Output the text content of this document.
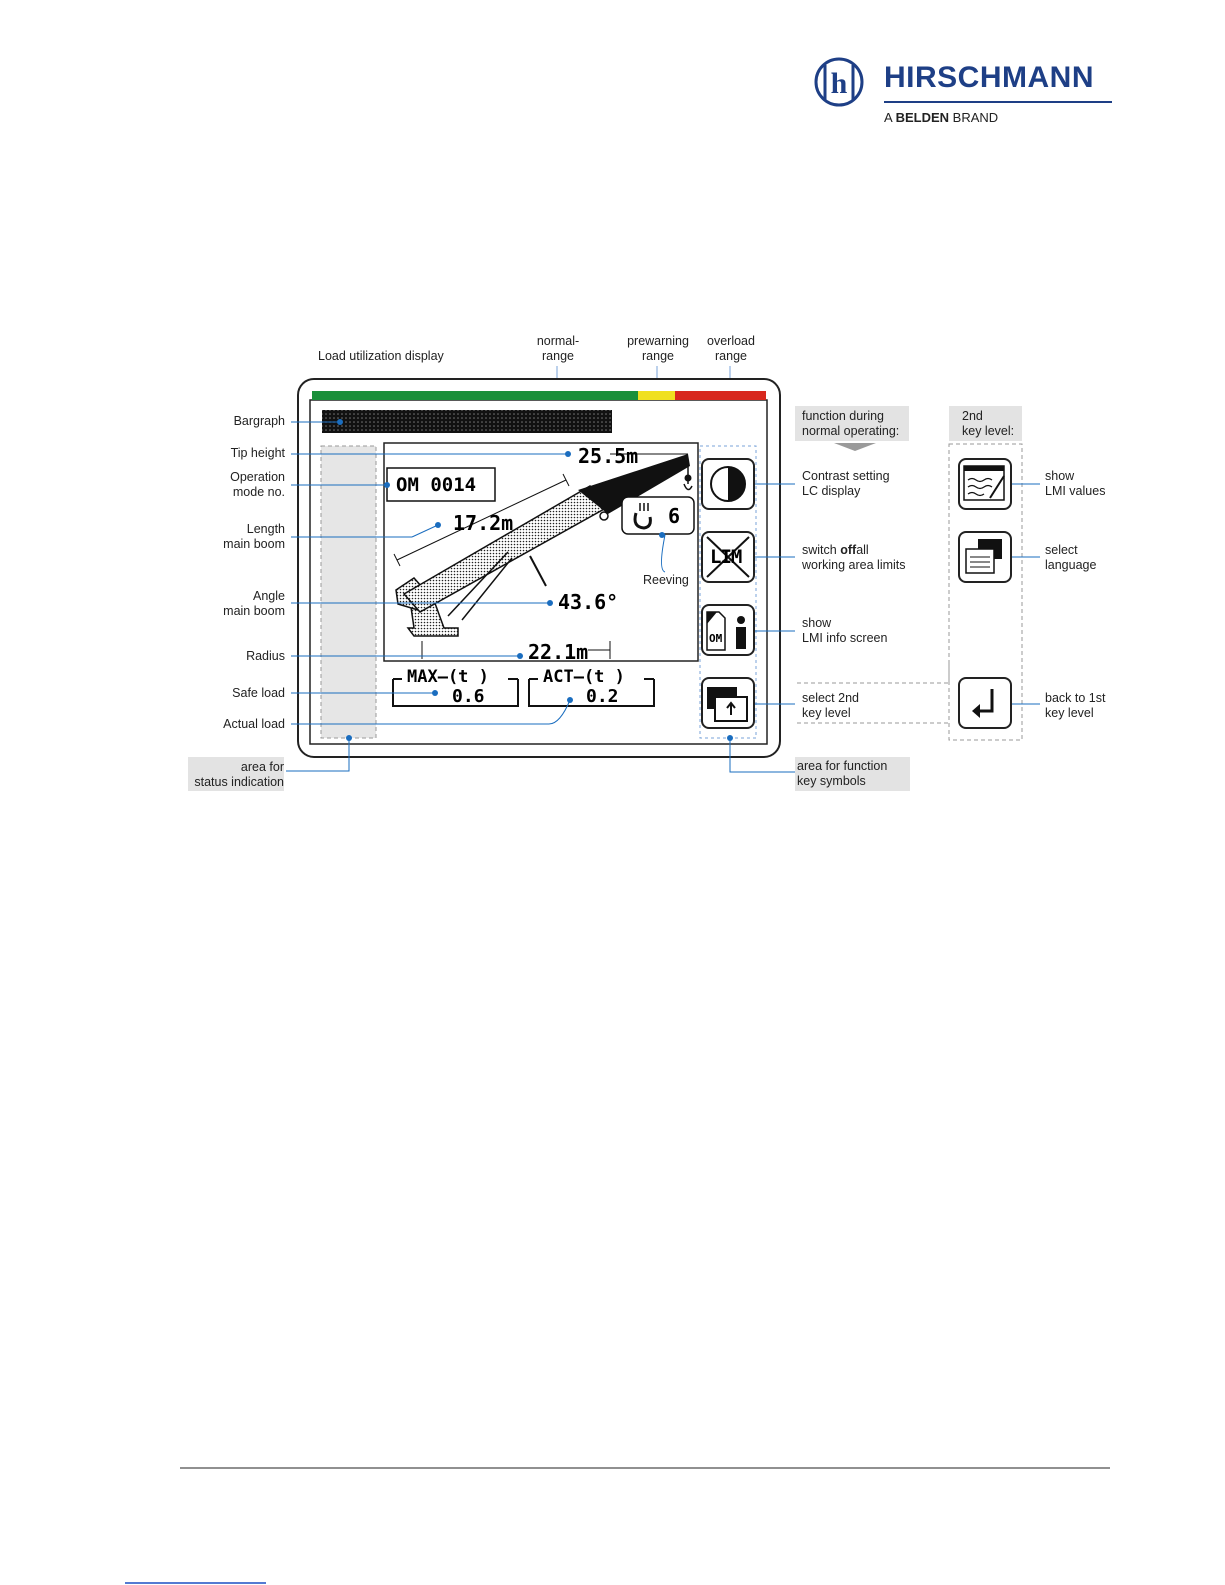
h HIRSCHMANN
A BELDEN BRAND
Load utilization display
normal-
range
prewarning
range
overload
range
25.5m
OM 0014
17.2m
43.6°
22.1m
6
Reeving
MAX—(t )
0.6
ACT—(t )
0.2
LIM
OM
Bargraph
Tip height
Operation
mode no.
Length
main boom
Angle
main boom
Radius
Safe load
Actual load
area for
status indication
function during
normal operating:
Contrast setting
LC display
switch offall
working area limits
show
LMI info screen
select 2nd
key level
area for function
key symbols
2nd
key level:
show
LMI values
select
language
back to 1st
key level
